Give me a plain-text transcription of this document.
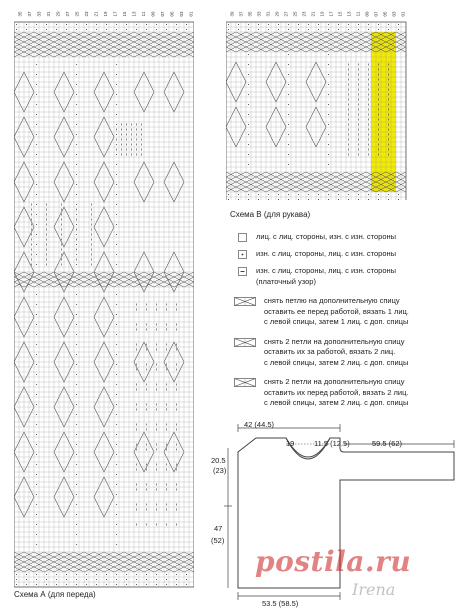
35 37 33 31 29 27 25 23 21 19 17 15 13 11 09 07 05 03 01
Схема А (для переда)
39 37 35 33 31 29 27 25 23 21 19 17 15 13 11 09 07 05 03 01
Схема В (для рукава)
лиц. с лиц. стороны, изн. с изн. стороны
изн. с лиц. стороны, лиц. с изн. стороны
изн. с лиц. стороны, лиц. с изн. стороны
(платочный узор)
снять петлю на дополнительную спицу
оставить ее перед работой, вязать 1 лиц.
с левой спицы, затем 1 лиц. с доп. спицы
снять 2 петли на дополнительную спицу
оставить их за работой, вязать 2 лиц.
с левой спицы, затем 2 лиц. с доп. спицы
снять 2 петли на дополнительную спицу
оставить их перед работой, вязать 2 лиц.
с левой спицы, затем 2 лиц. с доп. спицы
42 (44.5)
19	11.5 (12.5)	59.5 (62)
20.5
(23)
47
(52)
53.5 (58.5)
postila.ru
Irena
